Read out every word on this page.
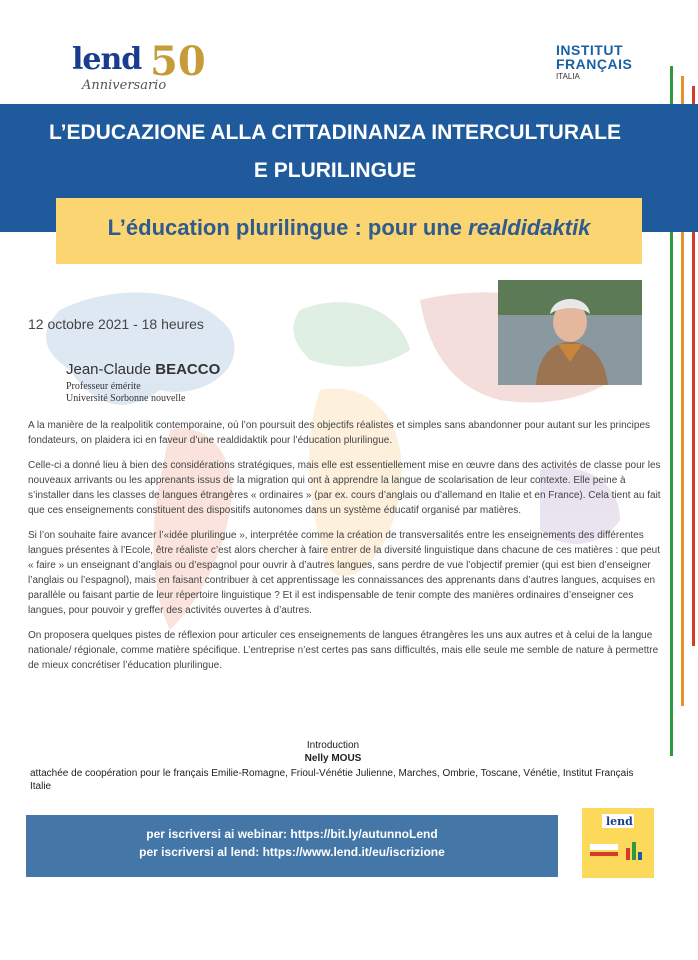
lend 50
Anniversario
INSTITUT
FRANÇAIS
ITALIA
L’EDUCAZIONE ALLA CITTADINANZA INTERCULTURALE
E PLURILINGUE
L’éducation plurilingue : pour une realdidaktik
12 octobre 2021 - 18 heures
Jean-Claude BEACCO
Professeur émérite
Université Sorbonne nouvelle

A la manière de la realpolitik contemporaine, où l’on poursuit des objectifs réalistes et simples sans abandonner pour autant sur les principes fondateurs, on plaidera ici en faveur d’une realdidaktik pour l’éducation plurilingue.

Celle-ci a donné lieu à bien des considérations stratégiques, mais elle est essentiellement mise en œuvre dans des activités de classe pour les nouveaux arrivants ou les apprenants issus de la migration qui ont à apprendre la langue de scolarisation de leur contexte. Elle peine à s’installer dans les classes de langues étrangères « ordinaires » (par ex. cours d’anglais ou d’allemand en Italie et en France). Cela tient au fait que ces enseignements constituent des dispositifs autonomes dans un système éducatif organisé par matières.

Si l’on souhaite faire avancer l’«idée plurilingue », interprétée comme la création de transversalités entre les enseignements des différentes langues présentes à l’Ecole, être réaliste c’est alors chercher à faire entrer de la diversité linguistique dans chacune de ces matières : que peut « faire » un enseignant d’anglais ou d’espagnol pour ouvrir à d’autres langues, sans perdre de vue l’objectif premier (qui est bien d’enseigner l’anglais ou l’espagnol), mais en faisant contribuer à cet apprentissage les connaissances des apprenants dans d’autres langues, acquises en parallèle ou faisant partie de leur répertoire linguistique ? Et il est indispensable de tenir compte des manières ordinaires d’enseigner ces langues, pour pouvoir y greffer des activités ouvertes à d’autres.

On proposera quelques pistes de réflexion pour articuler ces enseignements de langues étrangères les uns aux autres et à celui de la langue nationale/ régionale, comme matière spécifique. L’entreprise n’est certes pas sans difficultés, mais elle seule me semble de nature à permettre de mieux concrétiser l’éducation plurilingue.

Introduction
Nelly MOUS
attachée de coopération pour le français Emilie-Romagne, Frioul-Vénétie Julienne, Marches, Ombrie, Toscane, Vénétie, Institut Français Italie
per iscriversi ai webinar: https://bit.ly/autunnoLend
per iscriversi al lend: https://www.lend.it/eu/iscrizione
lend
